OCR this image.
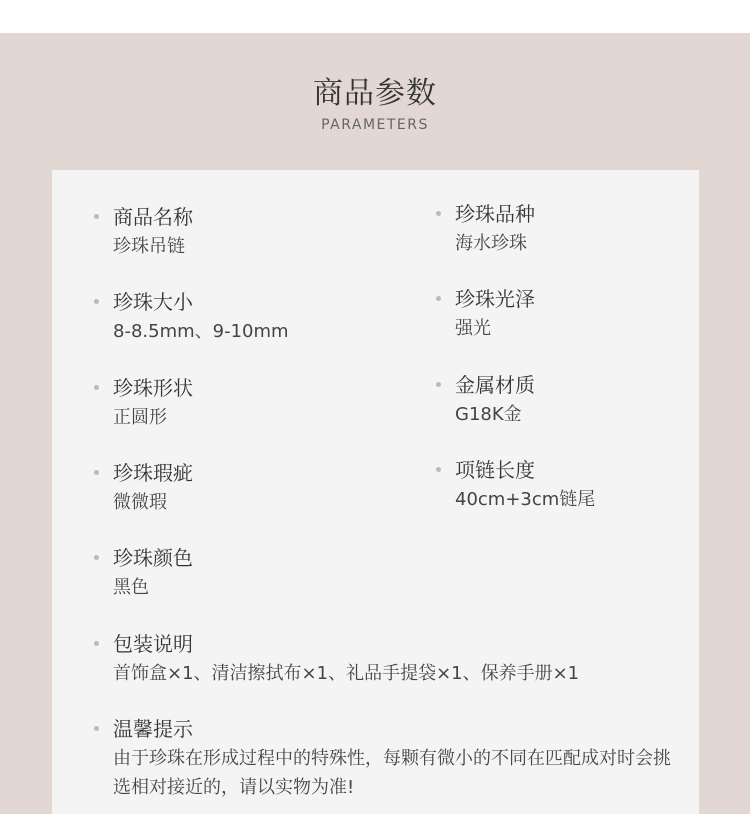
商品参数
PARAMETERS
商品名称
珍珠吊链
珍珠品种
海水珍珠
珍珠大小
8-8.5mm、9-10mm
珍珠光泽
强光
珍珠形状
正圆形
金属材质
G18K金
珍珠瑕疵
微微瑕
项链长度
40cm+3cm链尾
珍珠颜色
黑色
包装说明
首饰盒×1、清洁擦拭布×1、礼品手提袋×1、保养手册×1
温馨提示
由于珍珠在形成过程中的特殊性，每颗有微小的不同在匹配成对时会挑选相对接近的，请以实物为准!
